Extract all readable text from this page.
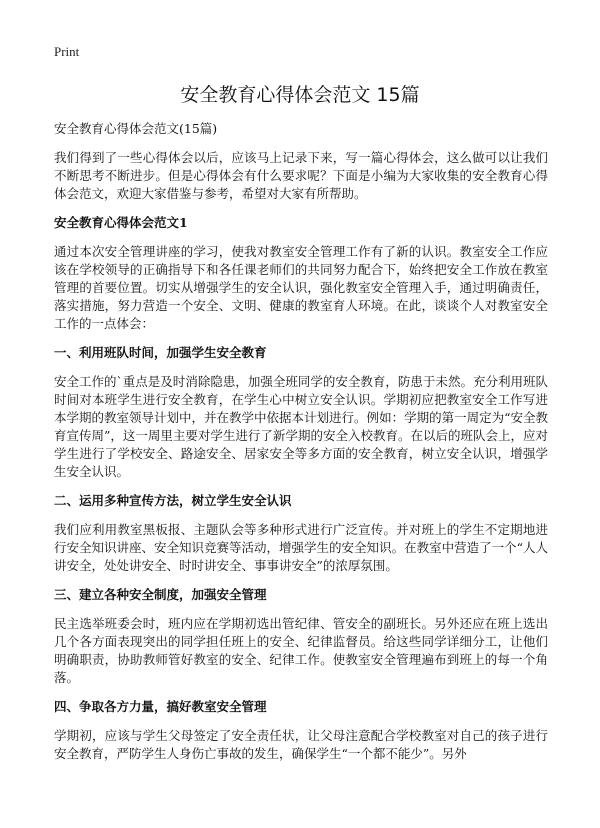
Print
安全教育心得体会范文 15篇

安全教育心得体会范文(15篇)

我们得到了一些心得体会以后，应该马上记录下来，写一篇心得体会，这么做可以让我们不断思考不断进步。但是心得体会有什么要求呢？下面是小编为大家收集的安全教育心得体会范文，欢迎大家借鉴与参考，希望对大家有所帮助。

安全教育心得体会范文1

通过本次安全管理讲座的学习，使我对教室安全管理工作有了新的认识。教室安全工作应该在学校领导的正确指导下和各任课老师们的共同努力配合下，始终把安全工作放在教室管理的首要位置。切实从增强学生的安全认识，强化教室安全管理入手，通过明确责任，落实措施，努力营造一个安全、文明、健康的教室育人环境。在此，谈谈个人对教室安全工作的一点体会：

一、利用班队时间，加强学生安全教育

安全工作的`重点是及时消除隐患，加强全班同学的安全教育，防患于未然。充分利用班队时间对本班学生进行安全教育，在学生心中树立安全认识。学期初应把教室安全工作写进本学期的教室领导计划中，并在教学中依据本计划进行。例如：学期的第一周定为“安全教育宣传周”，这一周里主要对学生进行了新学期的安全入校教育。在以后的班队会上，应对学生进行了学校安全、路途安全、居家安全等多方面的安全教育，树立安全认识，增强学生安全认识。

二、运用多种宣传方法，树立学生安全认识

我们应利用教室黑板报、主题队会等多种形式进行广泛宣传。并对班上的学生不定期地进行安全知识讲座、安全知识竞赛等活动，增强学生的安全知识。在教室中营造了一个“人人讲安全，处处讲安全、时时讲安全、事事讲安全”的浓厚氛围。

三、建立各种安全制度，加强安全管理

民主选举班委会时，班内应在学期初选出管纪律、管安全的副班长。另外还应在班上选出几个各方面表现突出的同学担任班上的安全、纪律监督员。给这些同学详细分工，让他们明确职责，协助教师管好教室的安全、纪律工作。使教室安全管理遍布到班上的每一个角落。

四、争取各方力量，搞好教室安全管理

学期初，应该与学生父母签定了安全责任状，让父母注意配合学校教室对自己的孩子进行安全教育，严防学生人身伤亡事故的发生，确保学生“一个都不能少”。另外
